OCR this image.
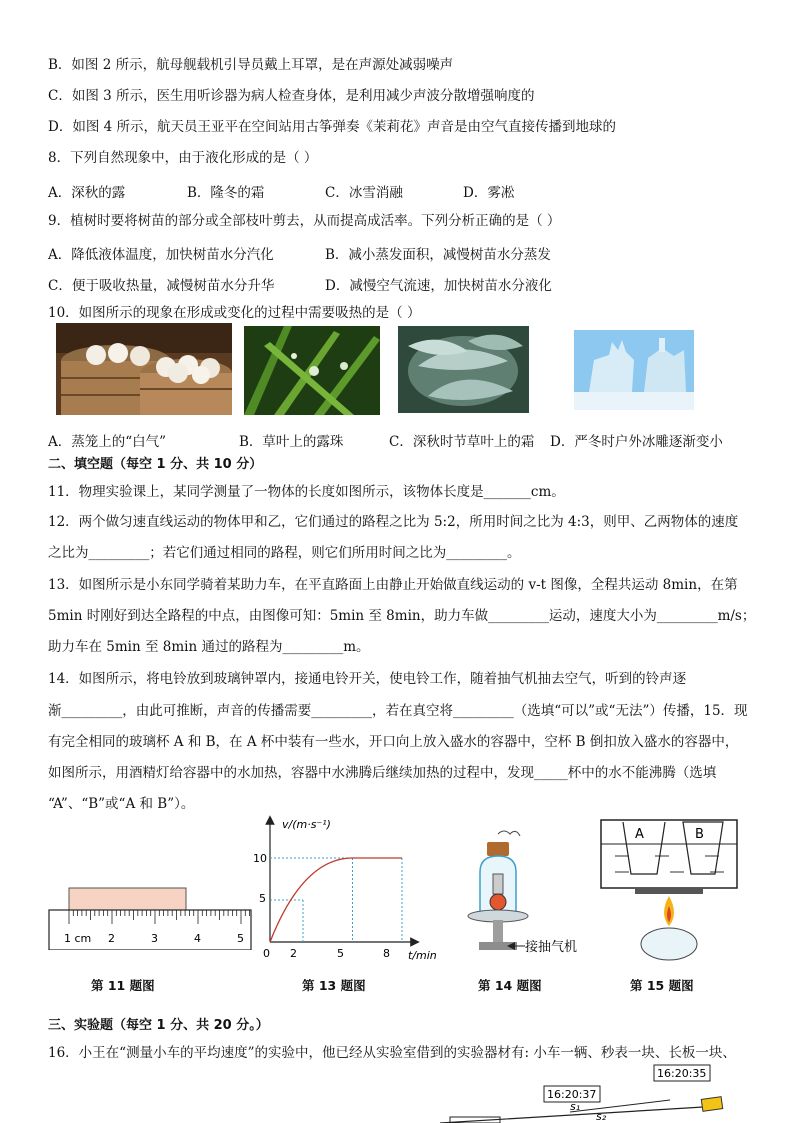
B．如图 2 所示，航母舰载机引导员戴上耳罩，是在声源处减弱噪声
C．如图 3 所示，医生用听诊器为病人检查身体，是利用减少声波分散增强响度的
D．如图 4 所示，航天员王亚平在空间站用古筝弹奏《茉莉花》声音是由空气直接传播到地球的
8．下列自然现象中，由于液化形成的是（ ）
A．深秋的露	B．隆冬的霜	C．冰雪消融	D．雾凇
9．植树时要将树苗的部分或全部枝叶剪去，从而提高成活率。下列分析正确的是（ ）
A．降低液体温度，加快树苗水分汽化	B．减小蒸发面积，减慢树苗水分蒸发
C．便于吸收热量，减慢树苗水分升华	D．减慢空气流速，加快树苗水分液化
10．如图所示的现象在形成或变化的过程中需要吸热的是（ ）
A．蒸笼上的“白气”	B．草叶上的露珠	C．深秋时节草叶上的霜 D．严冬时户外冰雕逐渐变小
二、填空题（每空 1 分、共 10 分）
11．物理实验课上，某同学测量了一物体的长度如图所示，该物体长度是_______cm。
12．两个做匀速直线运动的物体甲和乙，它们通过的路程之比为 5:2，所用时间之比为 4:3，则甲、乙两物体的速度
之比为_________；若它们通过相同的路程，则它们所用时间之比为_________。
13．如图所示是小东同学骑着某助力车，在平直路面上由静止开始做直线运动的 v-t 图像，全程共运动 8min，在第
5min 时刚好到达全路程的中点，由图像可知：5min 至 8min，助力车做_________运动，速度大小为_________m/s；
助力车在 5min 至 8min 通过的路程为_________m。
14．如图所示，将电铃放到玻璃钟罩内，接通电铃开关，使电铃工作，随着抽气机抽去空气，听到的铃声逐
渐_________，由此可推断，声音的传播需要_________，若在真空将_________（选填“可以”或“无法”）传播，15．现
有完全相同的玻璃杯 A 和 B，在 A 杯中装有一些水，开口向上放入盛水的容器中，空杯 B 倒扣放入盛水的容器中，
如图所示，用酒精灯给容器中的水加热，容器中水沸腾后继续加热的过程中，发现_____杯中的水不能沸腾（选填
“A”、“B”或“A 和 B”）。
1 cm 2	3	4	5
v/(m·s⁻¹)
t/min
10
5
0 2	5	8	接抽气机
A	B
第 11 题图	第 13 题图	第 14 题图	第 15 题图
三、实验题（每空 1 分、共 20 分。）
16．小王在“测量小车的平均速度”的实验中，他已经从实验室借到的实验器材有: 小车一辆、秒表一块、长板一块、
16:20:35
16:20:37
s₁
s₂
